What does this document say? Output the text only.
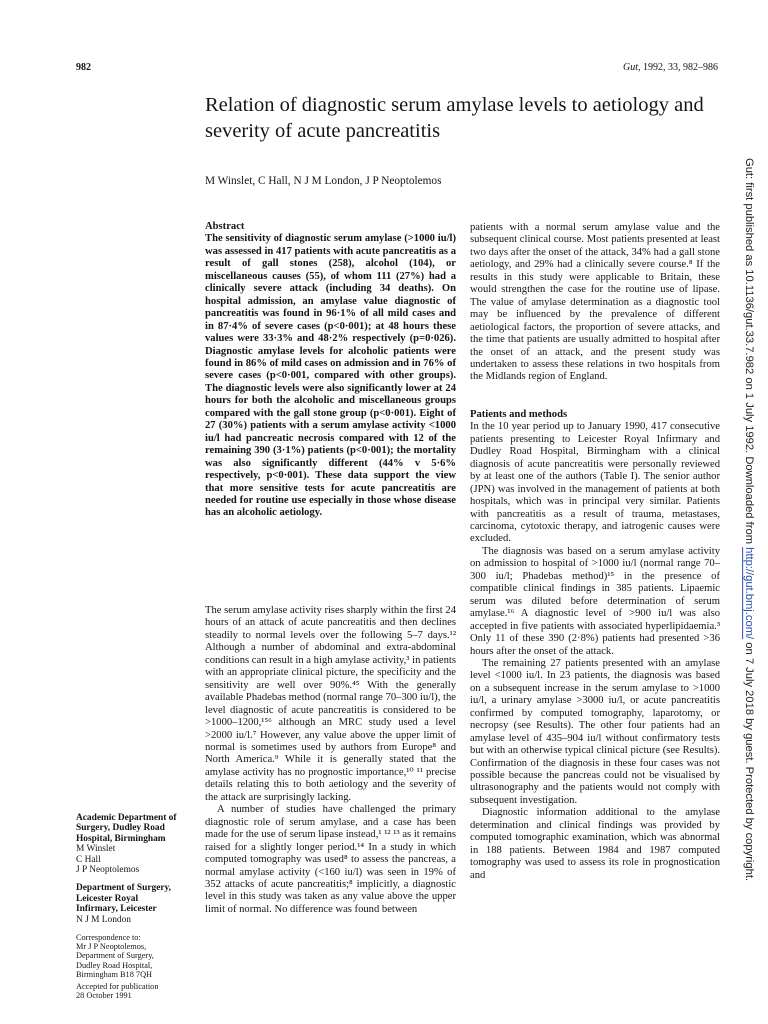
982	Gut, 1992, 33, 982–986
Relation of diagnostic serum amylase levels to aetiology and severity of acute pancreatitis
M Winslet, C Hall, N J M London, J P Neoptolemos

Abstract

The sensitivity of diagnostic serum amylase (>1000 iu/l) was assessed in 417 patients with acute pancreatitis as a result of gall stones (258), alcohol (104), or miscellaneous causes (55), of whom 111 (27%) had a clinically severe attack (including 34 deaths). On hospital admission, an amylase value diagnostic of pancreatitis was found in 96·1% of all mild cases and in 87·4% of severe cases (p<0·001); at 48 hours these values were 33·3% and 48·2% respectively (p=0·026). Diagnostic amylase levels for alcoholic patients were found in 86% of mild cases on admission and in 76% of severe cases (p<0·001, compared with other groups). The diagnostic levels were also significantly lower at 24 hours for both the alcoholic and miscellaneous groups compared with the gall stone group (p<0·001). Eight of 27 (30%) patients with a serum amylase activity <1000 iu/l had pancreatic necrosis compared with 12 of the remaining 390 (3·1%) patients (p<0·001); the mortality was also significantly different (44% v 5·6% respectively, p<0·001). These data support the view that more sensitive tests for acute pancreatitis are needed for routine use especially in those whose disease has an alcoholic aetiology.

The serum amylase activity rises sharply within the first 24 hours of an attack of acute pancreatitis and then declines steadily to normal levels over the following 5–7 days.¹² Although a number of abdominal and extra-abdominal conditions can result in a high amylase activity,³ in patients with an appropriate clinical picture, the specificity and the sensitivity are well over 90%.⁴⁵ With the generally available Phadebas method (normal range 70–300 iu/l), the level diagnostic of acute pancreatitis is considered to be >1000–1200,¹⁵⁶ although an MRC study used a level >2000 iu/l.⁷ However, any value above the upper limit of normal is sometimes used by authors from Europe⁸ and North America.⁹ While it is generally stated that the amylase activity has no prognostic importance,¹⁰ ¹¹ precise details relating this to both aetiology and the severity of the attack are surprisingly lacking.

A number of studies have challenged the primary diagnostic role of serum amylase, and a case has been made for the use of serum lipase instead,¹ ¹² ¹³ as it remains raised for a slightly longer period.¹⁴ In a study in which computed tomography was used⁸ to assess the pancreas, a normal amylase activity (<160 iu/l) was seen in 19% of 352 attacks of acute pancreatitis;⁸ implicitly, a diagnostic level in this study was taken as any value above the upper limit of normal. No difference was found between

patients with a normal serum amylase value and the subsequent clinical course. Most patients presented at least two days after the onset of the attack, 34% had a gall stone aetiology, and 29% had a clinically severe course.⁸ If the results in this study were applicable to Britain, these would strengthen the case for the routine use of lipase. The value of amylase determination as a diagnostic tool may be influenced by the prevalence of different aetiological factors, the proportion of severe attacks, and the time that patients are usually admitted to hospital after the onset of an attack, and the present study was undertaken to assess these relations in two hospitals from the Midlands region of England.

Patients and methods

In the 10 year period up to January 1990, 417 consecutive patients presenting to Leicester Royal Infirmary and Dudley Road Hospital, Birmingham with a clinical diagnosis of acute pancreatitis were personally reviewed by at least one of the authors (Table I). The senior author (JPN) was involved in the management of patients at both hospitals, which was in principal very similar. Patients with pancreatitis as a result of trauma, metastases, carcinoma, cytotoxic therapy, and iatrogenic causes were excluded.

The diagnosis was based on a serum amylase activity on admission to hospital of >1000 iu/l (normal range 70–300 iu/l; Phadebas method)¹⁵ in the presence of compatible clinical findings in 385 patients. Lipaemic serum was diluted before determination of serum amylase.¹⁶ A diagnostic level of >900 iu/l was also accepted in five patients with associated hyperlipidaemia.³ Only 11 of these 390 (2·8%) patients had presented >36 hours after the onset of the attack.

The remaining 27 patients presented with an amylase level <1000 iu/l. In 23 patients, the diagnosis was based on a subsequent increase in the serum amylase to >1000 iu/l, a urinary amylase >3000 iu/l, or acute pancreatitis confirmed by computed tomography, laparotomy, or necropsy (see Results). The other four patients had an amylase level of 435–904 iu/l without confirmatory tests but with an otherwise typical clinical picture (see Results). Confirmation of the diagnosis in these four cases was not possible because the pancreas could not be visualised by ultrasonography and the patients would not comply with subsequent investigation.

Diagnostic information additional to the amylase determination and clinical findings was provided by computed tomographic examination, which was abnormal in 188 patients. Between 1984 and 1987 computed tomography was used to assess its role in prognostication and

Academic Department of
Surgery, Dudley Road
Hospital, Birmingham
M Winslet
C Hall
J P Neoptolemos
Department of Surgery,
Leicester Royal
Infirmary, Leicester
N J M London
Correspondence to:
Mr J P Neoptolemos,
Department of Surgery,
Dudley Road Hospital,
Birmingham B18 7QH
Accepted for publication
28 October 1991
Gut: first published as 10.1136/gut.33.7.982 on 1 July 1992. Downloaded from http://gut.bmj.com/ on 7 July 2018 by guest. Protected by copyright.
